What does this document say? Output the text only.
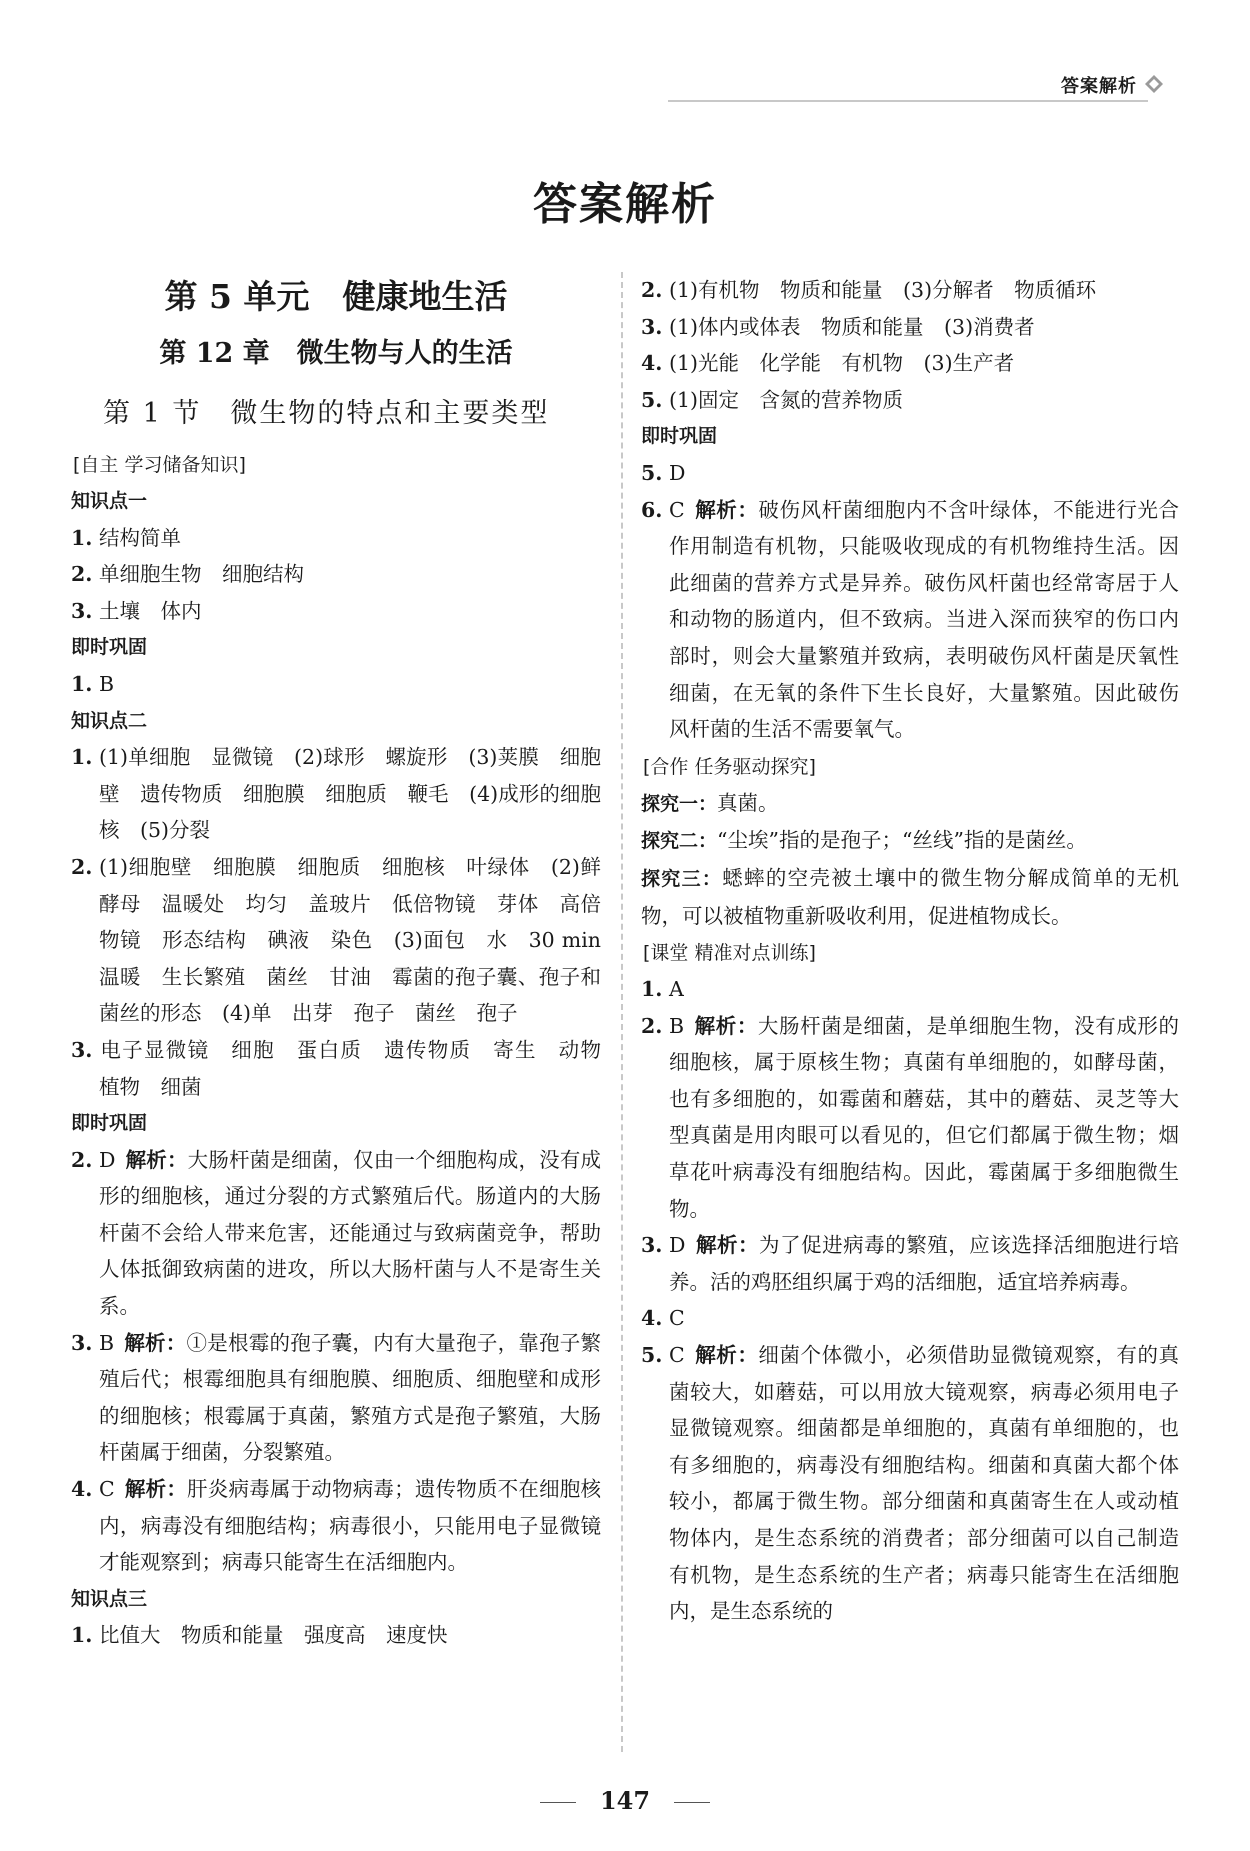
答案解析
答案解析
第 5 单元　健康地生活
第 12 章　微生物与人的生活
第 1 节　微生物的特点和主要类型
[ 自主 学习储备知识 ]
知识点一
1. 结构简单
2. 单细胞生物　细胞结构
3. 土壤　体内
即时巩固
1. B
知识点二
1. (1)单细胞　显微镜　(2)球形　螺旋形　(3)荚膜　细胞壁　遗传物质　细胞膜　细胞质　鞭毛　(4)成形的细胞核　(5)分裂
2. (1)细胞壁　细胞膜　细胞质　细胞核　叶绿体　(2)鲜酵母　温暖处　均匀　盖玻片　低倍物镜　芽体　高倍物镜　形态结构　碘液　染色　(3)面包　水　30 min　温暖　生长繁殖　菌丝　甘油　霉菌的孢子囊、孢子和菌丝的形态　(4)单　出芽　孢子　菌丝　孢子
3. 电子显微镜　细胞　蛋白质　遗传物质　寄生　动物　植物　细菌
即时巩固
2. D 解析：大肠杆菌是细菌，仅由一个细胞构成，没有成形的细胞核，通过分裂的方式繁殖后代。肠道内的大肠杆菌不会给人带来危害，还能通过与致病菌竞争，帮助人体抵御致病菌的进攻，所以大肠杆菌与人不是寄生关系。
3. B 解析：①是根霉的孢子囊，内有大量孢子，靠孢子繁殖后代；根霉细胞具有细胞膜、细胞质、细胞壁和成形的细胞核；根霉属于真菌，繁殖方式是孢子繁殖，大肠杆菌属于细菌，分裂繁殖。
4. C 解析：肝炎病毒属于动物病毒；遗传物质不在细胞核内，病毒没有细胞结构；病毒很小，只能用电子显微镜才能观察到；病毒只能寄生在活细胞内。
知识点三
1. 比值大　物质和能量　强度高　速度快
2. (1)有机物　物质和能量　(3)分解者　物质循环
3. (1)体内或体表　物质和能量　(3)消费者
4. (1)光能　化学能　有机物　(3)生产者
5. (1)固定　含氮的营养物质
即时巩固
5. D
6. C 解析：破伤风杆菌细胞内不含叶绿体，不能进行光合作用制造有机物，只能吸收现成的有机物维持生活。因此细菌的营养方式是异养。破伤风杆菌也经常寄居于人和动物的肠道内，但不致病。当进入深而狭窄的伤口内部时，则会大量繁殖并致病，表明破伤风杆菌是厌氧性细菌，在无氧的条件下生长良好，大量繁殖。因此破伤风杆菌的生活不需要氧气。
[ 合作 任务驱动探究 ]
探究一：真菌。
探究二：“尘埃”指的是孢子；“丝线”指的是菌丝。
探究三：蟋蟀的空壳被土壤中的微生物分解成简单的无机物，可以被植物重新吸收利用，促进植物成长。
[ 课堂 精准对点训练 ]
1. A
2. B 解析：大肠杆菌是细菌，是单细胞生物，没有成形的细胞核，属于原核生物；真菌有单细胞的，如酵母菌，也有多细胞的，如霉菌和蘑菇，其中的蘑菇、灵芝等大型真菌是用肉眼可以看见的，但它们都属于微生物；烟草花叶病毒没有细胞结构。因此，霉菌属于多细胞微生物。
3. D 解析：为了促进病毒的繁殖，应该选择活细胞进行培养。活的鸡胚组织属于鸡的活细胞，适宜培养病毒。
4. C
5. C 解析：细菌个体微小，必须借助显微镜观察，有的真菌较大，如蘑菇，可以用放大镜观察，病毒必须用电子显微镜观察。细菌都是单细胞的，真菌有单细胞的，也有多细胞的，病毒没有细胞结构。细菌和真菌大都个体较小，都属于微生物。部分细菌和真菌寄生在人或动植物体内，是生态系统的消费者；部分细菌可以自己制造有机物，是生态系统的生产者；病毒只能寄生在活细胞内，是生态系统的
147
